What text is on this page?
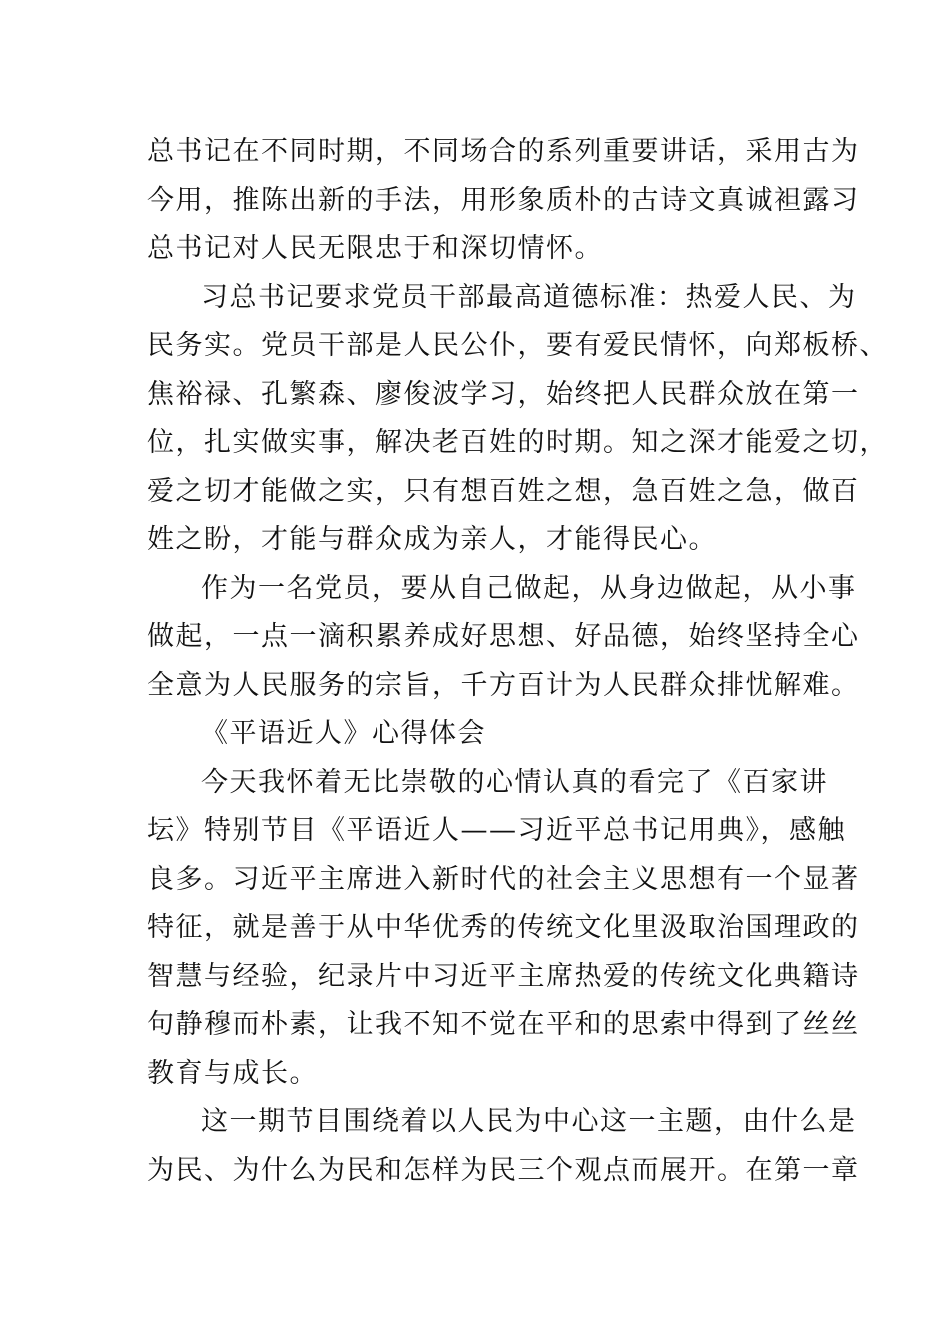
总书记在不同时期，不同场合的系列重要讲话，采用古为
今用，推陈出新的手法，用形象质朴的古诗文真诚袒露习
总书记对人民无限忠于和深切情怀。
习总书记要求党员干部最高道德标准：热爱人民、为
民务实。党员干部是人民公仆，要有爱民情怀，向郑板桥、
焦裕禄、孔繁森、廖俊波学习，始终把人民群众放在第一
位，扎实做实事，解决老百姓的时期。知之深才能爱之切，
爱之切才能做之实，只有想百姓之想，急百姓之急，做百
姓之盼，才能与群众成为亲人，才能得民心。
作为一名党员，要从自己做起，从身边做起，从小事
做起，一点一滴积累养成好思想、好品德，始终坚持全心
全意为人民服务的宗旨，千方百计为人民群众排忧解难。
《平语近人》心得体会
今天我怀着无比崇敬的心情认真的看完了《百家讲
坛》特别节目《平语近人——习近平总书记用典》，感触
良多。习近平主席进入新时代的社会主义思想有一个显著
特征，就是善于从中华优秀的传统文化里汲取治国理政的
智慧与经验，纪录片中习近平主席热爱的传统文化典籍诗
句静穆而朴素，让我不知不觉在平和的思索中得到了丝丝
教育与成长。
这一期节目围绕着以人民为中心这一主题，由什么是
为民、为什么为民和怎样为民三个观点而展开。在第一章
